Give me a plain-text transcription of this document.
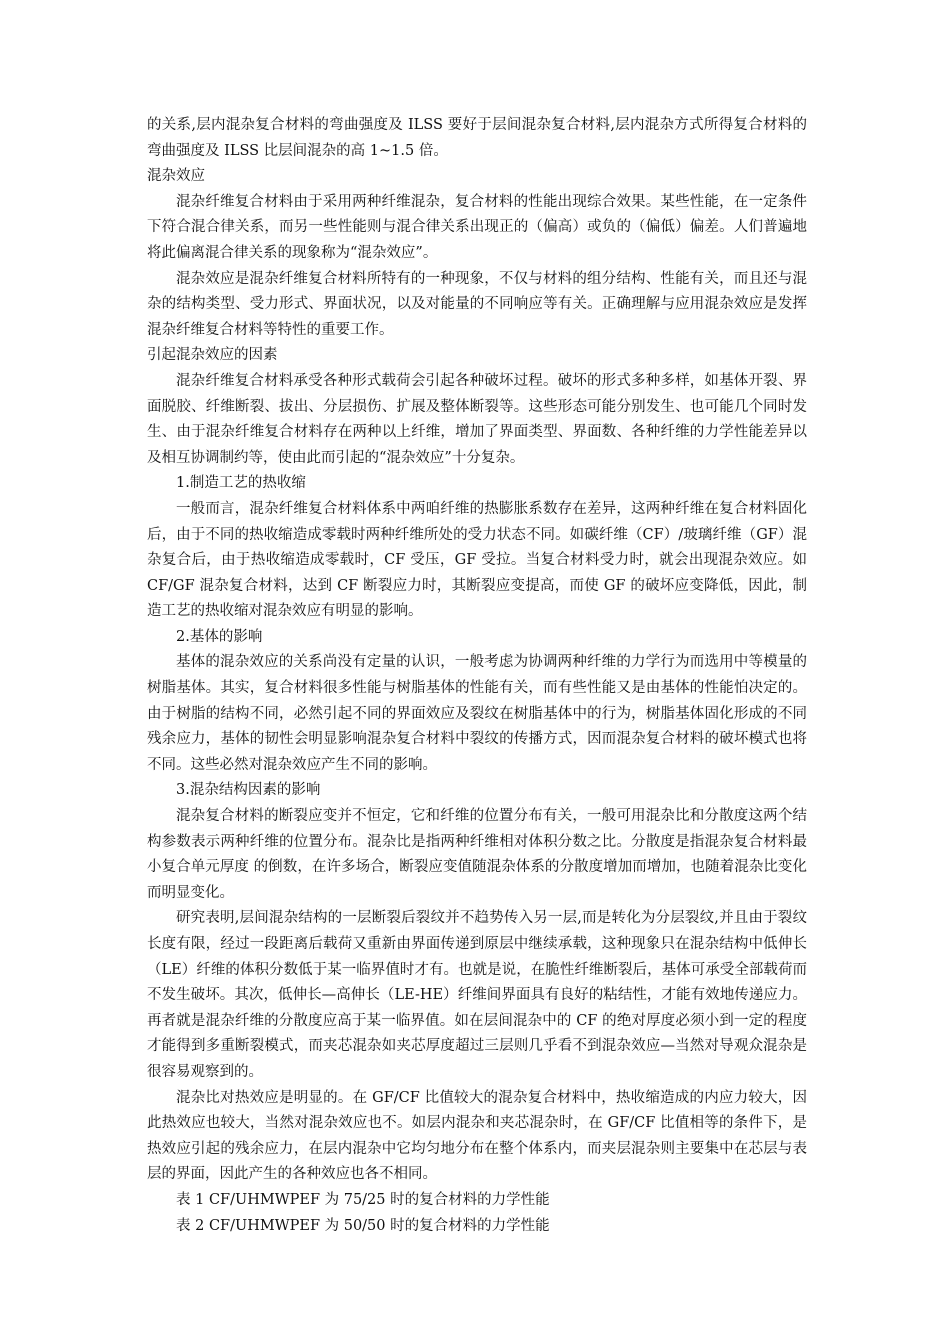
的关系,层内混杂复合材料的弯曲强度及 ILSS 要好于层间混杂复合材料,层内混杂方式所得复合材料的弯曲强度及 ILSS 比层间混杂的高 1~1.5 倍。

混杂效应

混杂纤维复合材料由于采用两种纤维混杂，复合材料的性能出现综合效果。某些性能，在一定条件下符合混合律关系，而另一些性能则与混合律关系出现正的（偏高）或负的（偏低）偏差。人们普遍地将此偏离混合律关系的现象称为“混杂效应”。

混杂效应是混杂纤维复合材料所特有的一种现象，不仅与材料的组分结构、性能有关，而且还与混杂的结构类型、受力形式、界面状况，以及对能量的不同响应等有关。正确理解与应用混杂效应是发挥混杂纤维复合材料等特性的重要工作。

引起混杂效应的因素

混杂纤维复合材料承受各种形式载荷会引起各种破坏过程。破坏的形式多种多样，如基体开裂、界面脱胶、纤维断裂、拔出、分层损伤、扩展及整体断裂等。这些形态可能分别发生、也可能几个同时发生、由于混杂纤维复合材料存在两种以上纤维，增加了界面类型、界面数、各种纤维的力学性能差异以及相互协调制约等，使由此而引起的“混杂效应”十分复杂。

1.制造工艺的热收缩

一般而言，混杂纤维复合材料体系中两咱纤维的热膨胀系数存在差异，这两种纤维在复合材料固化后，由于不同的热收缩造成零载时两种纤维所处的受力状态不同。如碳纤维（CF）/玻璃纤维（GF）混杂复合后，由于热收缩造成零载时，CF 受压，GF 受拉。当复合材料受力时，就会出现混杂效应。如 CF/GF 混杂复合材料，达到 CF 断裂应力时，其断裂应变提高，而使 GF 的破坏应变降低，因此，制造工艺的热收缩对混杂效应有明显的影响。

2.基体的影响

基体的混杂效应的关系尚没有定量的认识，一般考虑为协调两种纤维的力学行为而选用中等模量的树脂基体。其实，复合材料很多性能与树脂基体的性能有关，而有些性能又是由基体的性能怕决定的。由于树脂的结构不同，必然引起不同的界面效应及裂纹在树脂基体中的行为，树脂基体固化形成的不同残余应力，基体的韧性会明显影响混杂复合材料中裂纹的传播方式，因而混杂复合材料的破坏模式也将不同。这些必然对混杂效应产生不同的影响。

3.混杂结构因素的影响

混杂复合材料的断裂应变并不恒定，它和纤维的位置分布有关，一般可用混杂比和分散度这两个结构参数表示两种纤维的位置分布。混杂比是指两种纤维相对体积分数之比。分散度是指混杂复合材料最小复合单元厚度 的倒数，在许多场合，断裂应变值随混杂体系的分散度增加而增加，也随着混杂比变化而明显变化。

研究表明,层间混杂结构的一层断裂后裂纹并不趋势传入另一层,而是转化为分层裂纹,并且由于裂纹长度有限，经过一段距离后载荷又重新由界面传递到原层中继续承载，这种现象只在混杂结构中低伸长（LE）纤维的体积分数低于某一临界值时才有。也就是说，在脆性纤维断裂后，基体可承受全部载荷而不发生破坏。其次，低伸长—高伸长（LE-HE）纤维间界面具有良好的粘结性，才能有效地传递应力。再者就是混杂纤维的分散度应高于某一临界值。如在层间混杂中的 CF 的绝对厚度必须小到一定的程度才能得到多重断裂模式，而夹芯混杂如夹芯厚度超过三层则几乎看不到混杂效应—当然对导观众混杂是很容易观察到的。

混杂比对热效应是明显的。在 GF/CF 比值较大的混杂复合材料中，热收缩造成的内应力较大，因此热效应也较大，当然对混杂效应也不。如层内混杂和夹芯混杂时，在 GF/CF 比值相等的条件下，是热效应引起的残余应力，在层内混杂中它均匀地分布在整个体系内，而夹层混杂则主要集中在芯层与表层的界面，因此产生的各种效应也各不相同。

表 1 CF/UHMWPEF 为 75/25 时的复合材料的力学性能

表 2 CF/UHMWPEF 为 50/50 时的复合材料的力学性能
